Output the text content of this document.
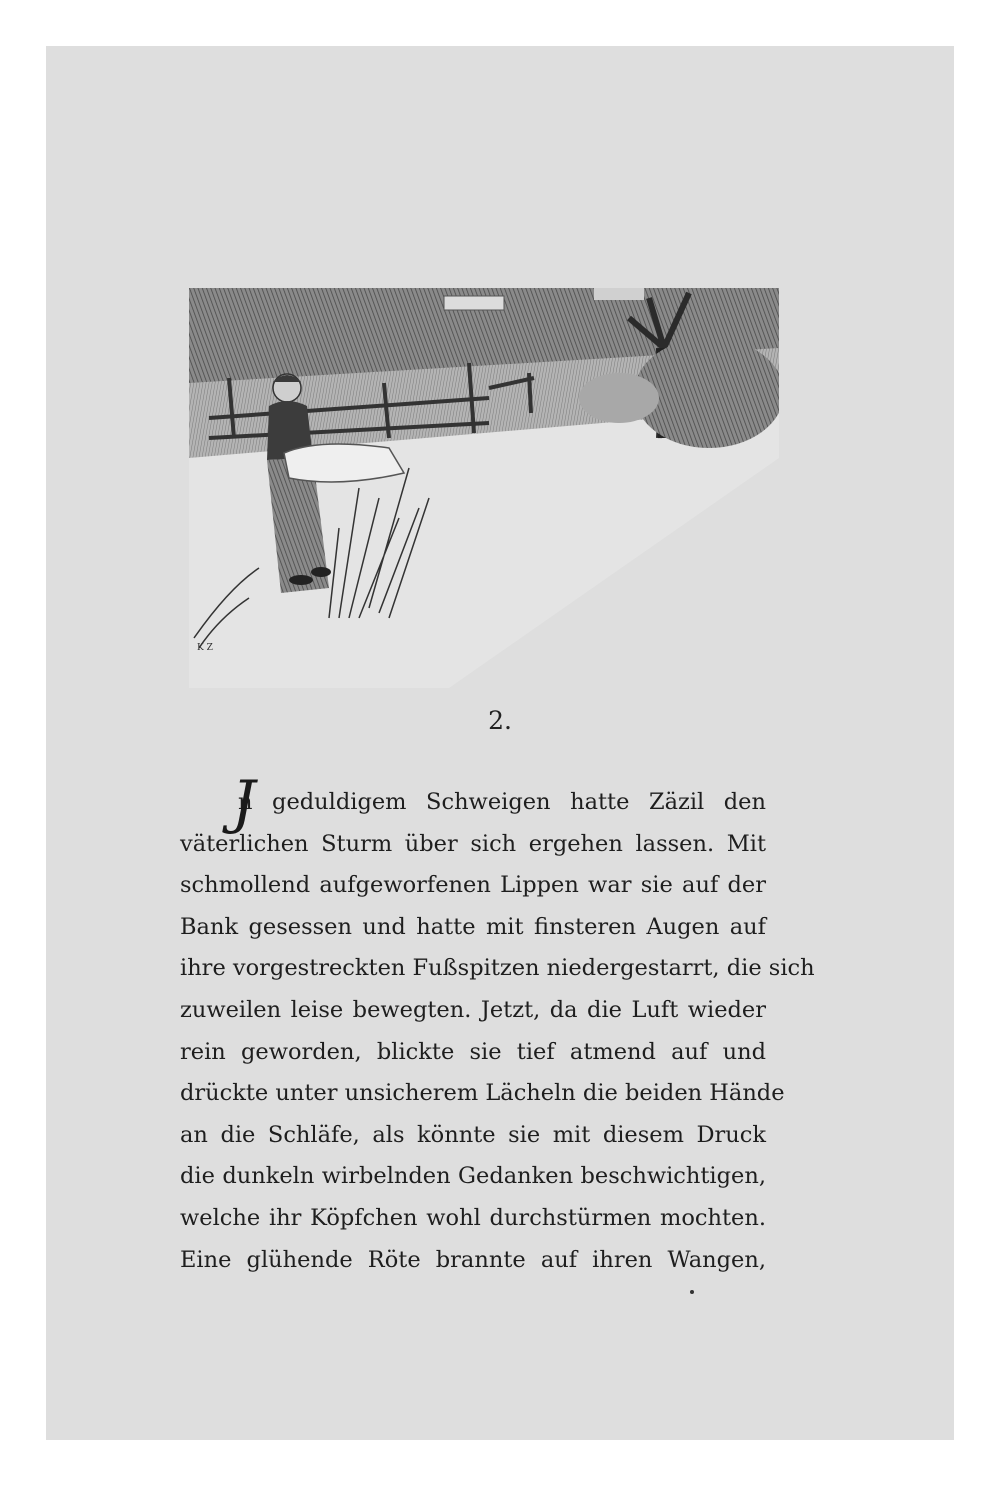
K Z
2.
J
n geduldigem Schweigen hatte Zäzil den
väterlichen Sturm über sich ergehen lassen. Mit
schmollend aufgeworfenen Lippen war sie auf der
Bank gesessen und hatte mit finsteren Augen auf
ihre vorgestreckten Fußspitzen niedergestarrt, die sich
zuweilen leise bewegten. Jetzt, da die Luft wieder
rein geworden, blickte sie tief atmend auf und
drückte unter unsicherem Lächeln die beiden Hände
an die Schläfe, als könnte sie mit diesem Druck
die dunkeln wirbelnden Gedanken beschwichtigen,
welche ihr Köpfchen wohl durchstürmen mochten.
Eine glühende Röte brannte auf ihren Wangen,
